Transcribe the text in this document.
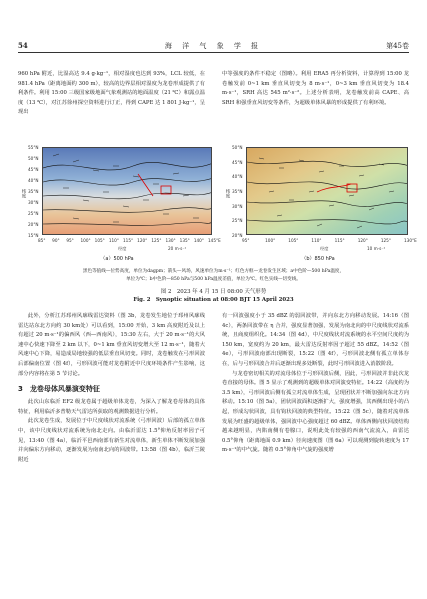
54	海 洋 气 象 学 报	第45卷

960 hPa 附近，比湿高达 9.4 g·kg⁻¹，相对湿度也达到 93%，LCL 较低，在 981.4 hPa（距离地面约 300 m），较高的边界层相对湿度为龙卷形成提供了有利条件。利用 15:00 三级国家级地面气象观测站的地面温度（21 ℃）和露点温度（13 ℃），对江苏徐州探空资料进行订正，得到 CAPE 达 1 801 J·kg⁻¹，呈现出

中等强度的条件不稳定（图略）。利用 ERA5 再分析资料，计算得到 15:00 龙卷触发前 0~1 km 垂直风切变为 8 m·s⁻¹，0~3 km 垂直风切变为 18.4 m·s⁻¹，SRH 高达 545 m²·s⁻²。上述分析表明，龙卷触发前高 CAPE、高 SRH 和强垂直风切变等条件，为超级单体风暴的形成提供了有利环境。

纬度
55°N
50°N
45°N
40°N
35°N
30°N
25°N
20°N
15°N
85° 90° 95° 100° 105° 110° 115° 120° 125° 130° 135° 140° 145°E
经度	20 m·s⁻¹
（a）500 hPa
纬度
50°N
45°N
40°N
35°N
30°N
25°N
20°N
95°	100°	105°	110°	115°	120°	125°	130°E
经度	10 m·s⁻¹
（b）850 hPa
黑色等值线—位势高度，单位为dagpm；箭头—风场，风速单位为m·s⁻¹；红色方框—龙卷发生区域；a中色阶—500 hPa温度，
单位为℃；b中色阶—850 hPa与500 hPa温度差值，单位为℃。红色实线—切变线。
图 2　2023 年 4 月 15 日 08:00 天气形势
Fig. 2　 Synoptic situation at 08:00 BJT 15 April 2023

此外，分析江苏邳州风廓线雷达资料（图 3b，龙卷发生地位于邳州风廓线雷达站东北方向约 30 km处）可以看到，15:00 开始，3 km 高度附近及以上有超过 20 m·s⁻¹的偏西风（西—西南风），15:30 左右，大于 20 m·s⁻¹的大风速中心快速下降至 2 km 以下，0~1 km 垂直风切变增大至 12 m·s⁻¹，随着大风速中心下降，易造成局地较强的低层垂直风切变。同时，龙卷触发在弓形回波后部偏南位置（图 4f），弓形回波可能对龙卷附近中尺度环境条件产生影响，这部分内容将在第 5 节讨论。

3　龙卷母体风暴演变特征

此次山东临沂 EF2 级龙卷属于超级单体龙卷，为深入了解龙卷母体的具体特征，利用临沂多普勒天气雷达所获取的观测数据进行分析。

此次龙卷生成，发展位于中尺度线状对流系统（弓形回波）后部的孤立单体中，该中尺度线状对流系统为南北走向。由临沂雷达 1.5°仰角反射率因子可见，13:40（图 4a），临沂平邑西南部有新生对流单体，新生单体不断发展加强并向偏东方向移动，逐渐发展为南南北向的回波带。13:58（图 4b），临沂兰陵附近

有一回波强度小于 35 dBZ 的弱回波带，并向东北方向移动发展。14:16（图 4c），两条回波带在 η 合并，强度显著加强，发展为南北向的中尺度线状对流系统，且商度组织化。14:34（图 4d），中尺度线状对流系统的水平空间尺度约为 150 km，宽度约为 20 km，最大雷达反射率因子超过 55 dBZ。14:52（图 4e），弓形回波南部出现断裂，15:22（图 4f），弓形回波北侧有孤立单体存在，后与弓形回波合并后逐渐出现多处断裂，此时弓形回波进入消散阶段。

与龙卷密切相关的对流母体位于弓形回波后侧，因此，弓形回波并非此次龙卷直接的母体。图 5 显示了观测到的超级单体对回演变特征。14:22（高度约为 3.5 km），弓形回波后侧有孤立对流单体生成，呈现团状并不断加强向东北方向移动。15:10（图 5a），团状回波面积逐渐扩大，强度增强，其西侧出现小的凸起，形成勾状回波，具有钩状回波的典型特征。15:22（图 5c），随着对流单体发展为旺盛的超级单体，强回波中心强度超过 60 dBZ。单体西侧向状回波结构越来越明显，内陷南侧有卷腺口，说明此处有较强的西南气流流入，由雷达 0.5°仰角（距离地面 0.9 km）径向速度图（图 6a）可以观测到旋转速度为 17 m·s⁻¹的中气旋。随着 0.5°仰角中气旋的强度增
